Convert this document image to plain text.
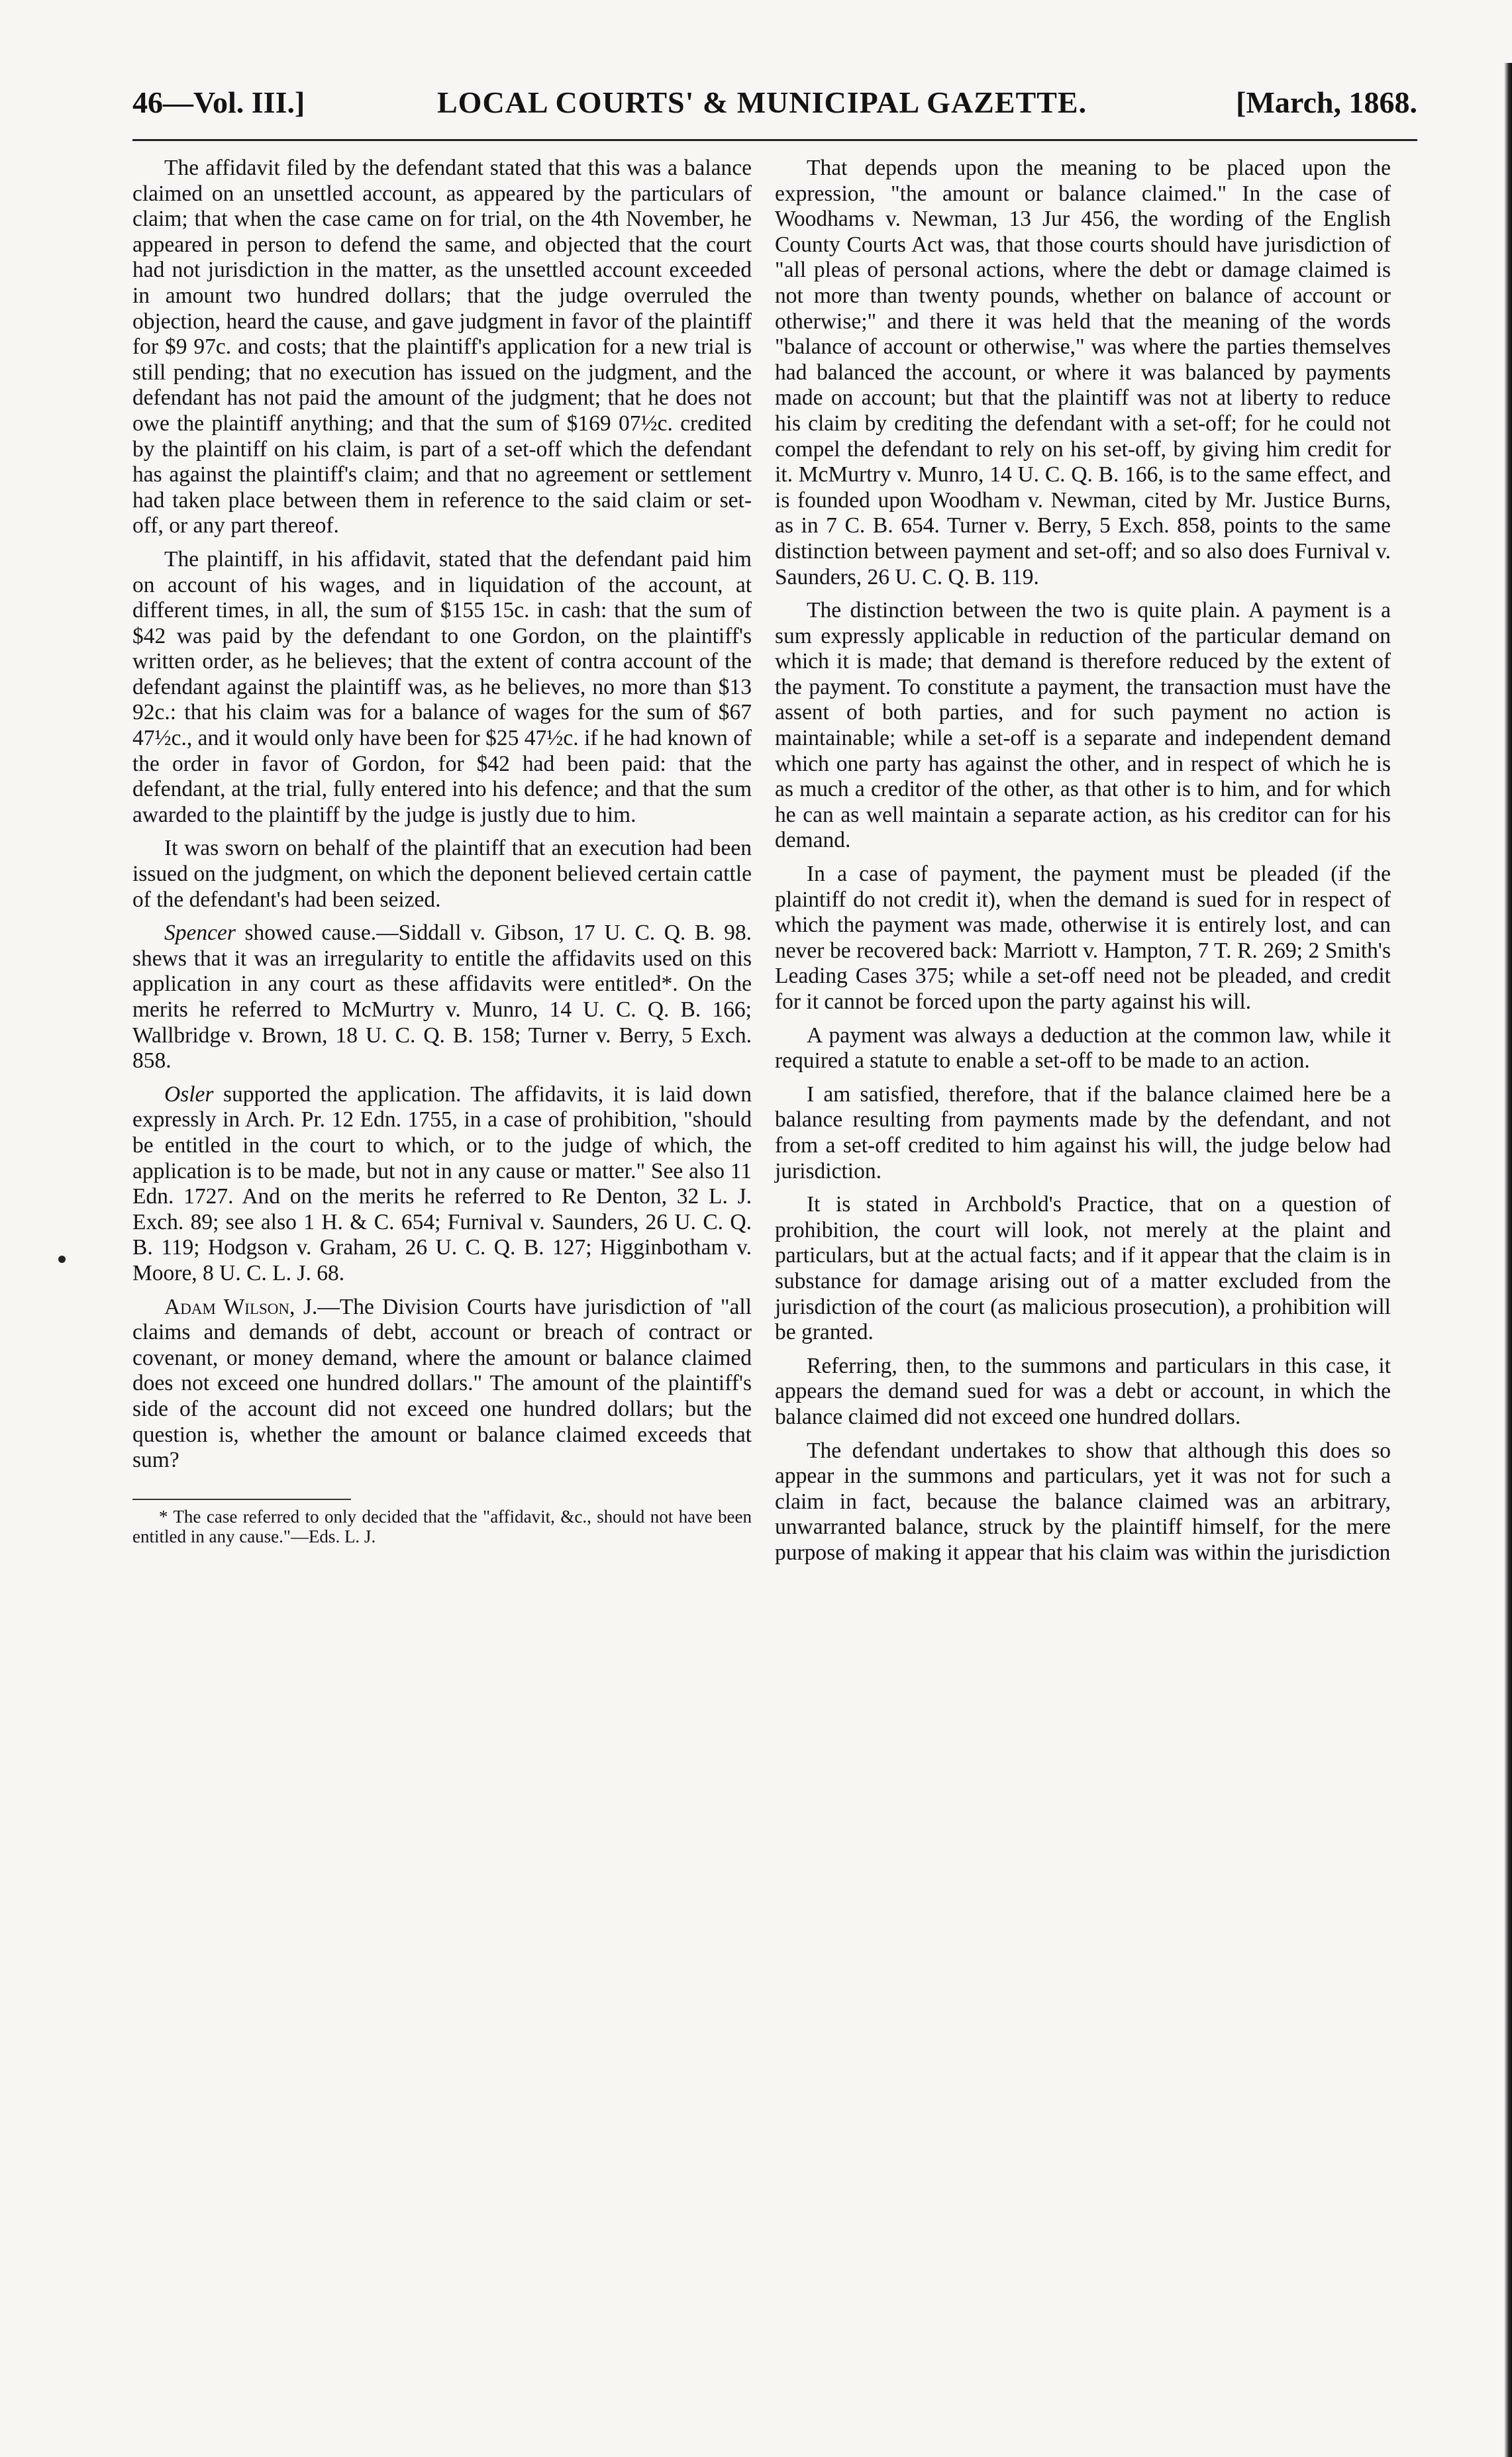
46—Vol. III.]	LOCAL COURTS' & MUNICIPAL GAZETTE.	[March, 1868.

The affidavit filed by the defendant stated that this was a balance claimed on an unsettled account, as appeared by the particulars of claim; that when the case came on for trial, on the 4th November, he appeared in person to defend the same, and objected that the court had not jurisdiction in the matter, as the unsettled account exceeded in amount two hundred dollars; that the judge overruled the objection, heard the cause, and gave judgment in favor of the plaintiff for $9 97c. and costs; that the plaintiff's application for a new trial is still pending; that no execution has issued on the judgment, and the defendant has not paid the amount of the judgment; that he does not owe the plaintiff anything; and that the sum of $169 07½c. credited by the plaintiff on his claim, is part of a set-off which the defendant has against the plaintiff's claim; and that no agreement or settlement had taken place between them in reference to the said claim or set-off, or any part thereof.

The plaintiff, in his affidavit, stated that the defendant paid him on account of his wages, and in liquidation of the account, at different times, in all, the sum of $155 15c. in cash: that the sum of $42 was paid by the defendant to one Gordon, on the plaintiff's written order, as he believes; that the extent of contra account of the defendant against the plaintiff was, as he believes, no more than $13 92c.: that his claim was for a balance of wages for the sum of $67 47½c., and it would only have been for $25 47½c. if he had known of the order in favor of Gordon, for $42 had been paid: that the defendant, at the trial, fully entered into his defence; and that the sum awarded to the plaintiff by the judge is justly due to him.

It was sworn on behalf of the plaintiff that an execution had been issued on the judgment, on which the deponent believed certain cattle of the defendant's had been seized.

Spencer showed cause.—Siddall v. Gibson, 17 U. C. Q. B. 98. shews that it was an irregularity to entitle the affidavits used on this application in any court as these affidavits were entitled*. On the merits he referred to McMurtry v. Munro, 14 U. C. Q. B. 166; Wallbridge v. Brown, 18 U. C. Q. B. 158; Turner v. Berry, 5 Exch. 858.

Osler supported the application. The affidavits, it is laid down expressly in Arch. Pr. 12 Edn. 1755, in a case of prohibition, "should be entitled in the court to which, or to the judge of which, the application is to be made, but not in any cause or matter." See also 11 Edn. 1727. And on the merits he referred to Re Denton, 32 L. J. Exch. 89; see also 1 H. & C. 654; Furnival v. Saunders, 26 U. C. Q. B. 119; Hodgson v. Graham, 26 U. C. Q. B. 127; Higginbotham v. Moore, 8 U. C. L. J. 68.

Adam Wilson, J.—The Division Courts have jurisdiction of "all claims and demands of debt, account or breach of contract or covenant, or money demand, where the amount or balance claimed does not exceed one hundred dollars." The amount of the plaintiff's side of the account did not exceed one hundred dollars; but the question is, whether the amount or balance claimed exceeds that sum?

* The case referred to only decided that the "affidavit, &c., should not have been entitled in any cause."—Eds. L. J.

That depends upon the meaning to be placed upon the expression, "the amount or balance claimed." In the case of Woodhams v. Newman, 13 Jur 456, the wording of the English County Courts Act was, that those courts should have jurisdiction of "all pleas of personal actions, where the debt or damage claimed is not more than twenty pounds, whether on balance of account or otherwise;" and there it was held that the meaning of the words "balance of account or otherwise," was where the parties themselves had balanced the account, or where it was balanced by payments made on account; but that the plaintiff was not at liberty to reduce his claim by crediting the defendant with a set-off; for he could not compel the defendant to rely on his set-off, by giving him credit for it. McMurtry v. Munro, 14 U. C. Q. B. 166, is to the same effect, and is founded upon Woodham v. Newman, cited by Mr. Justice Burns, as in 7 C. B. 654. Turner v. Berry, 5 Exch. 858, points to the same distinction between payment and set-off; and so also does Furnival v. Saunders, 26 U. C. Q. B. 119.

The distinction between the two is quite plain. A payment is a sum expressly applicable in reduction of the particular demand on which it is made; that demand is therefore reduced by the extent of the payment. To constitute a payment, the transaction must have the assent of both parties, and for such payment no action is maintainable; while a set-off is a separate and independent demand which one party has against the other, and in respect of which he is as much a creditor of the other, as that other is to him, and for which he can as well maintain a separate action, as his creditor can for his demand.

In a case of payment, the payment must be pleaded (if the plaintiff do not credit it), when the demand is sued for in respect of which the payment was made, otherwise it is entirely lost, and can never be recovered back: Marriott v. Hampton, 7 T. R. 269; 2 Smith's Leading Cases 375; while a set-off need not be pleaded, and credit for it cannot be forced upon the party against his will.

A payment was always a deduction at the common law, while it required a statute to enable a set-off to be made to an action.

I am satisfied, therefore, that if the balance claimed here be a balance resulting from payments made by the defendant, and not from a set-off credited to him against his will, the judge below had jurisdiction.

It is stated in Archbold's Practice, that on a question of prohibition, the court will look, not merely at the plaint and particulars, but at the actual facts; and if it appear that the claim is in substance for damage arising out of a matter excluded from the jurisdiction of the court (as malicious prosecution), a prohibition will be granted.

Referring, then, to the summons and particulars in this case, it appears the demand sued for was a debt or account, in which the balance claimed did not exceed one hundred dollars.

The defendant undertakes to show that although this does so appear in the summons and particulars, yet it was not for such a claim in fact, because the balance claimed was an arbitrary, unwarranted balance, struck by the plaintiff himself, for the mere purpose of making it appear that his claim was within the jurisdiction
